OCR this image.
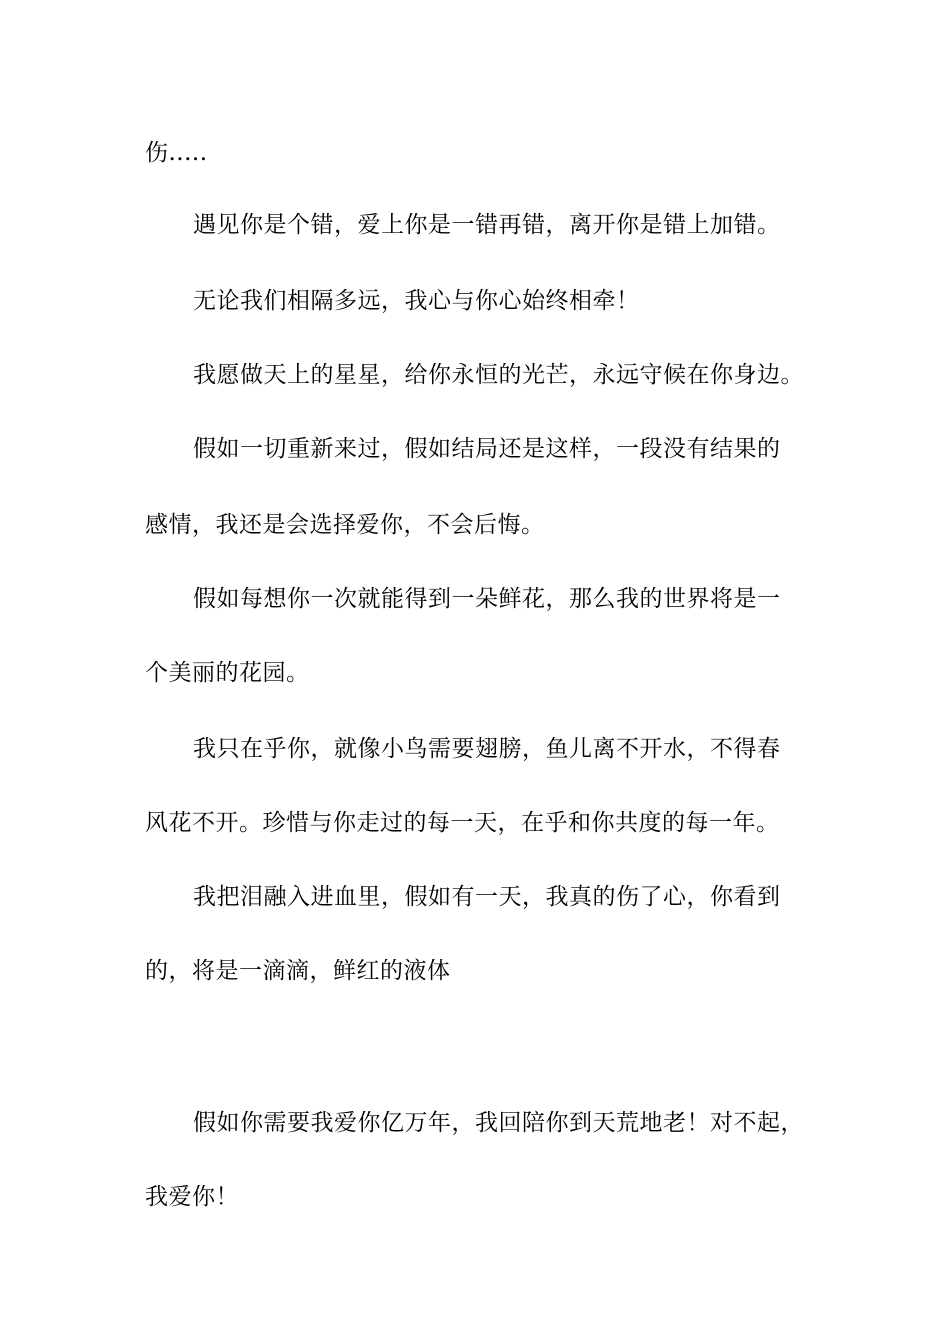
伤.....
遇见你是个错，爱上你是一错再错，离开你是错上加错。
无论我们相隔多远，我心与你心始终相牵！
我愿做天上的星星，给你永恒的光芒，永远守候在你身边。
假如一切重新来过，假如结局还是这样，一段没有结果的
感情，我还是会选择爱你，不会后悔。
假如每想你一次就能得到一朵鲜花，那么我的世界将是一
个美丽的花园。
我只在乎你，就像小鸟需要翅膀，鱼儿离不开水，不得春
风花不开。珍惜与你走过的每一天，在乎和你共度的每一年。
我把泪融入进血里，假如有一天，我真的伤了心，你看到
的，将是一滴滴，鲜红的液体
假如你需要我爱你亿万年，我回陪你到天荒地老！对不起，
我爱你！
